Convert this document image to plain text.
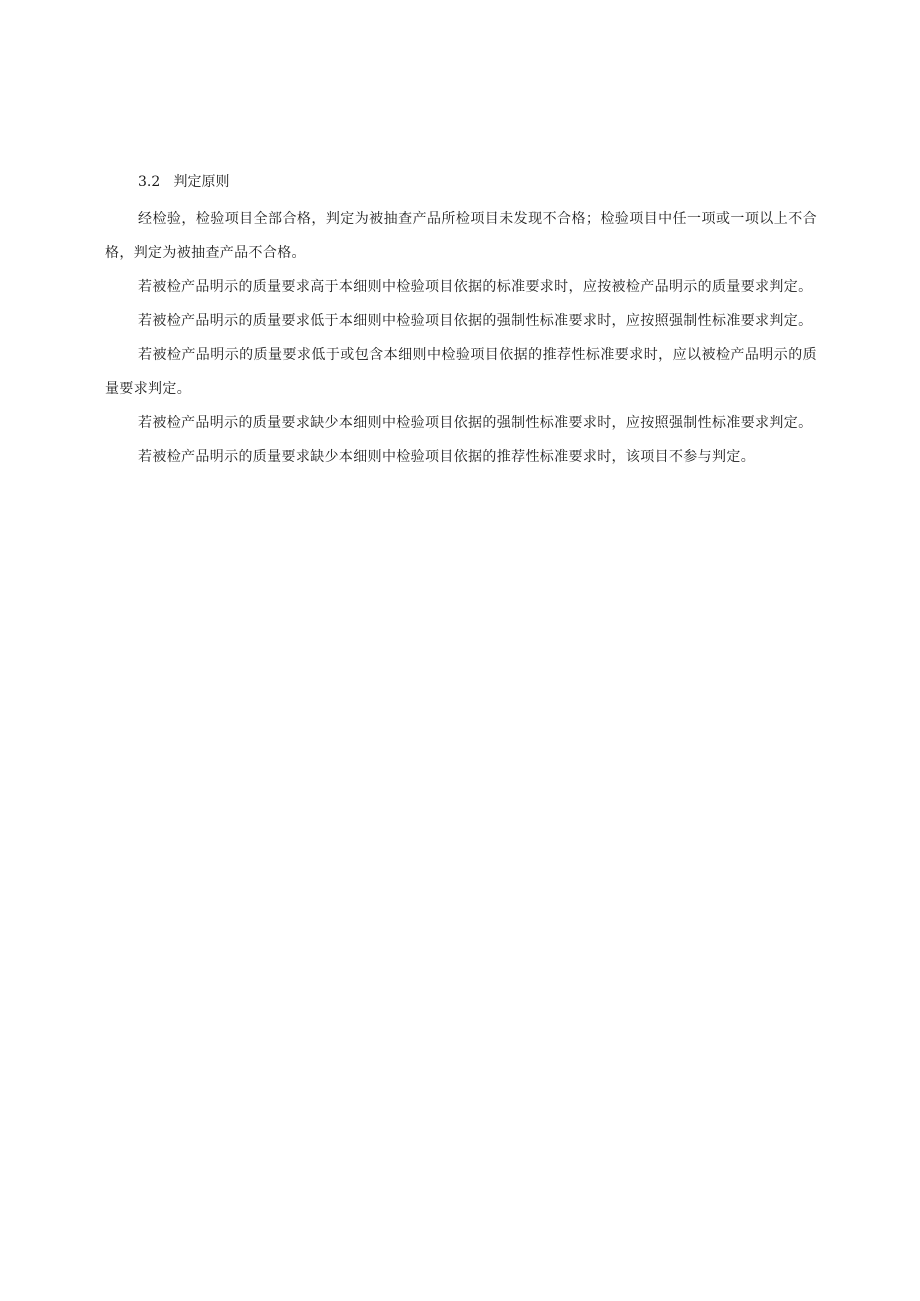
3.2 判定原则

经检验，检验项目全部合格，判定为被抽查产品所检项目未发现不合格；检验项目中任一项或一项以上不合格，判定为被抽查产品不合格。

若被检产品明示的质量要求高于本细则中检验项目依据的标准要求时，应按被检产品明示的质量要求判定。

若被检产品明示的质量要求低于本细则中检验项目依据的强制性标准要求时，应按照强制性标准要求判定。

若被检产品明示的质量要求低于或包含本细则中检验项目依据的推荐性标准要求时，应以被检产品明示的质量要求判定。

若被检产品明示的质量要求缺少本细则中检验项目依据的强制性标准要求时，应按照强制性标准要求判定。

若被检产品明示的质量要求缺少本细则中检验项目依据的推荐性标准要求时，该项目不参与判定。
